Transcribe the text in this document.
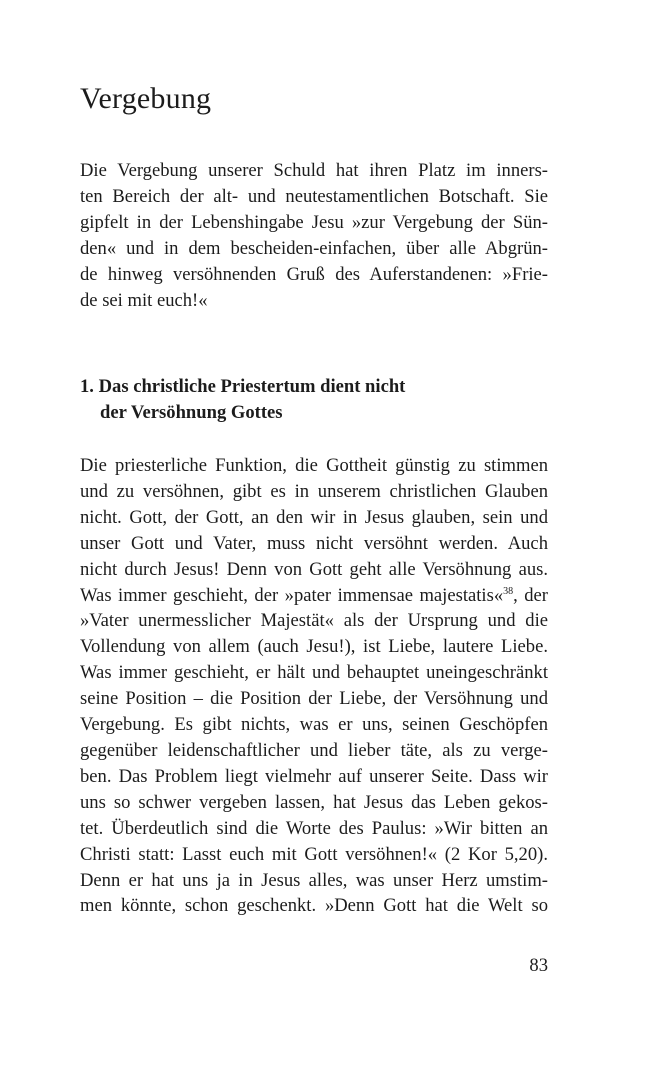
Vergebung

Die Vergebung unserer Schuld hat ihren Platz im inners-
ten Bereich der alt- und neutestamentlichen Botschaft. Sie
gipfelt in der Lebenshingabe Jesu »zur Vergebung der Sün-
den« und in dem bescheiden-einfachen, über alle Abgrün-
de hinweg versöhnenden Gruß des Auferstandenen: »Frie-
de sei mit euch!«

1. Das christliche Priestertum dient nicht
der Versöhnung Gottes

Die priesterliche Funktion, die Gottheit günstig zu stimmen
und zu versöhnen, gibt es in unserem christlichen Glauben
nicht. Gott, der Gott, an den wir in Jesus glauben, sein und
unser Gott und Vater, muss nicht versöhnt werden. Auch
nicht durch Jesus! Denn von Gott geht alle Versöhnung aus.
Was immer geschieht, der »pater immensae majestatis«$^{38}$, der
»Vater unermesslicher Majestät« als der Ursprung und die
Vollendung von allem (auch Jesu!), ist Liebe, lautere Liebe.
Was immer geschieht, er hält und behauptet uneingeschränkt
seine Position – die Position der Liebe, der Versöhnung und
Vergebung. Es gibt nichts, was er uns, seinen Geschöpfen
gegenüber leidenschaftlicher und lieber täte, als zu verge-
ben. Das Problem liegt vielmehr auf unserer Seite. Dass wir
uns so schwer vergeben lassen, hat Jesus das Leben gekos-
tet. Überdeutlich sind die Worte des Paulus: »Wir bitten an
Christi statt: Lasst euch mit Gott versöhnen!« (2 Kor 5,20).
Denn er hat uns ja in Jesus alles, was unser Herz umstim-
men könnte, schon geschenkt. »Denn Gott hat die Welt so

83
